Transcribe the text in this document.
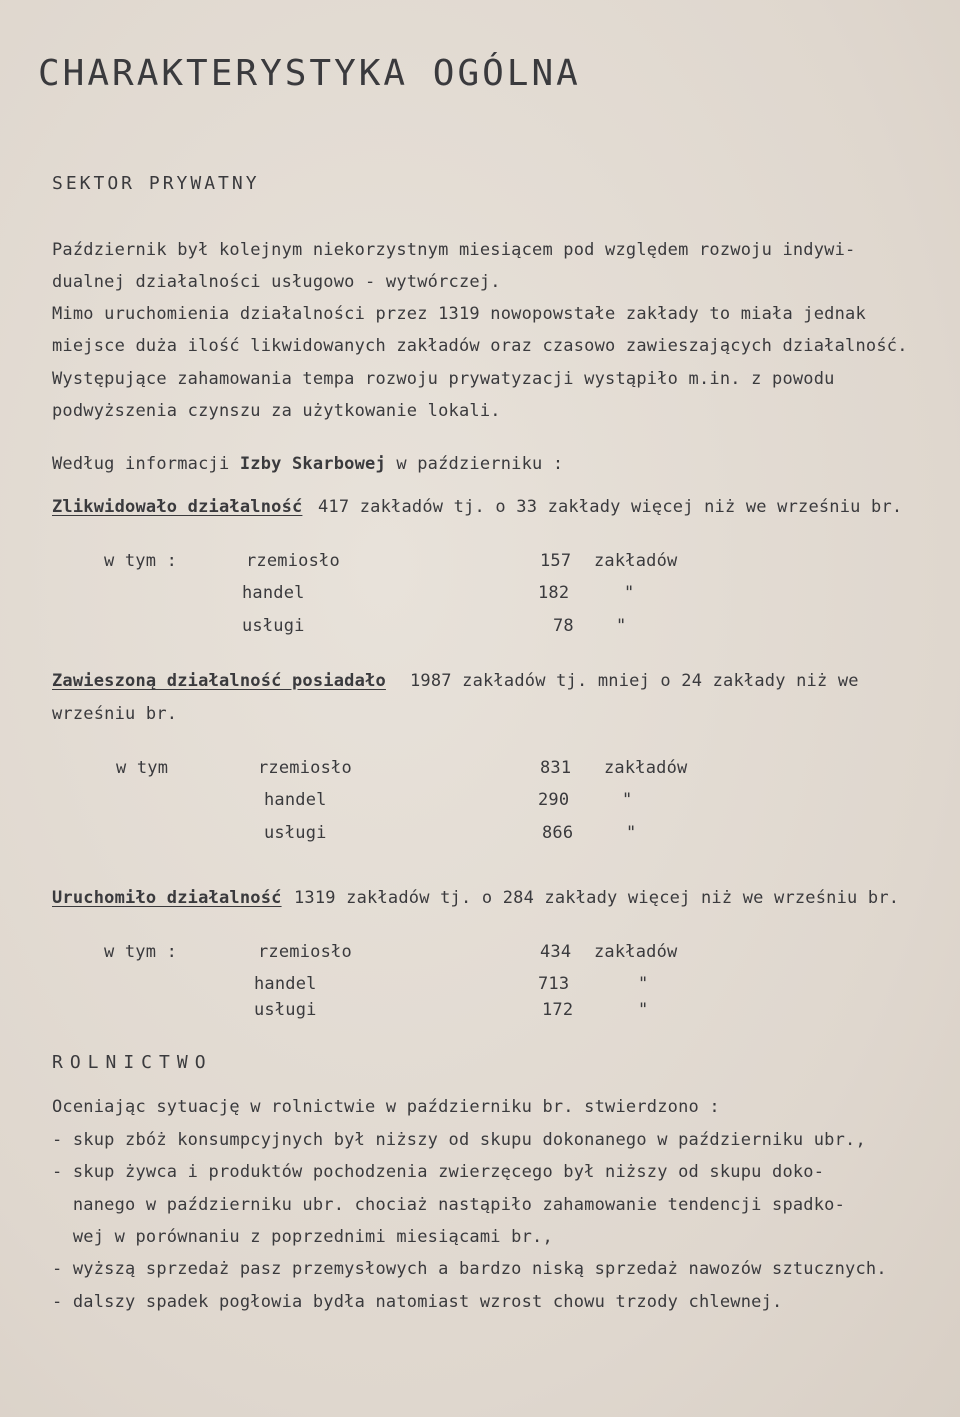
CHARAKTERYSTYKA OGÓLNA
SEKTOR PRYWATNY
Październik był kolejnym niekorzystnym miesiącem pod względem rozwoju indywi-
dualnej działalności usługowo - wytwórczej.
Mimo uruchomienia działalności przez 1319 nowopowstałe zakłady to miała jednak
miejsce duża ilość likwidowanych zakładów oraz czasowo zawieszających działalność.
Występujące zahamowania tempa rozwoju prywatyzacji wystąpiło m.in. z powodu
podwyższenia czynszu za użytkowanie lokali.
Według informacji Izby Skarbowej w październiku :
Zlikwidowało działalność 417 zakładów tj. o 33 zakłady więcej niż we wrześniu br.
w tym :	rzemiosło	157 zakładów
handel	182	"
usługi	78 "
Zawieszoną działalność posiadało 1987 zakładów tj. mniej o 24 zakłady niż we
wrześniu br.
w tym	rzemiosło	831 zakładów
handel	290	"
usługi	866	"
Uruchomiło działalność 1319 zakładów tj. o 284 zakłady więcej niż we wrześniu br.
w tym :	rzemiosło	434 zakładów
handel	713	"
usługi	172	"
ROLNICTWO
Oceniając sytuację w rolnictwie w październiku br. stwierdzono :
- skup zbóż konsumpcyjnych był niższy od skupu dokonanego w październiku ubr.,
- skup żywca i produktów pochodzenia zwierzęcego był niższy od skupu doko-
nanego w październiku ubr. chociaż nastąpiło zahamowanie tendencji spadko-
wej w porównaniu z poprzednimi miesiącami br.,
- wyższą sprzedaż pasz przemysłowych a bardzo niską sprzedaż nawozów sztucznych.
- dalszy spadek pogłowia bydła natomiast wzrost chowu trzody chlewnej.
